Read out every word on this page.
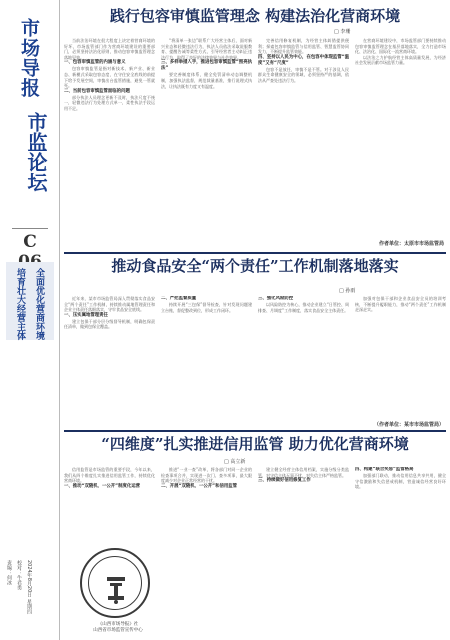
市场导报
市监论坛
C
全面优化营商环境
培育壮大经营主体
责编：何冰 校对：牛君勇 2024年8月20日 星期四
践行包容审慎监管理念 构建法治化营商环境
□ 李珊

当前法治环境在很大程度上决定着营商环境的好坏，市场监管部门作为营商环境建设的重要部门，必须坚持法治化原则，推动包容审慎监管理念落地见效。

一、包容审慎监管的内涵与意义

包容审慎监管是指对新技术、新产业、新业态、新模式采取包容态度，在守住安全底线的前提下给予发展空间，审慎出台监管措施，避免一管就死。

二、当前包容审慎监管面临的问题

部分执法人员理念更新不及时，执法尺度不统一，轻微违法行为处理方式单一，柔性执法手段运用不足。

“将清单一张边”联系广大经营主体后，面对新兴业态和轻微违法行为，执法人员依法采取说服教育、提醒告诫等柔性方式，引导经营者主动纠正违法行为，取得了良好的法律效果与社会效果。

三、多样举措入手，推进包容审慎监管“照亮执法”

要完善制度体系，健全免罚清单动态调整机制，加强执法监督，规范裁量基准，推行说理式执法，让执法既有力度又有温度。

完善信用修复机制，为经营主体纠错提供便利；探索包容审慎监管与信用监管、智慧监管协同发力，不断提升监管效能。

四、坚持以人民为中心，在包容中体现监管“温度”又有“尺度”

包容不是放任，审慎不是不管。对于涉及人民群众生命健康安全的领域，必须坚持严的基调，依法从严查处违法行为。

在营商环境建设中，市场监管部门要持续推动包容审慎监管理念在基层落地落实，全力打造市场化、法治化、国际化一流营商环境。

以法治之力护航经营主体高质量发展，为经济社会发展贡献市场监管力量。

作者单位：太原市市场监管局
推动食品安全“两个责任”工作机制落地落实
□ 孙雨

近年来，某市市场监管局深入贯彻落实食品安全“两个责任”工作机制，持续推动属地管理责任和企业主体责任落细落实，守牢食品安全底线。

一、压实属地管理责任

建立包保干部分层分级督导机制，明确包保责任清单，做到包保全覆盖。

二、严把监督质量

持续开展“三包保”督导检查，针对发现问题建立台账，督促整改到位，形成工作闭环。

三、强化风险防控

以风险防控为核心，推动企业建立“日管控、周排查、月调度”工作制度，落实食品安全主体责任。

加强对包保干部和企业食品安全员的培训考核，不断提升履职能力，推动“两个责任”工作机制走深走实。

（作者单位：某市市场监管局）
“四维度”扎实推进信用监管 助力优化营商环境
□ 高立新

信用监管是市场监管的重要手段，今年以来，我们从四个维度扎实推进信用监管工作，持续优化营商环境。

一、推动“双随机、一公开”制度化运营

推进“一业一查”改革，将各部门对同一企业的检查事项合并，实现进一次门、查多项事，最大限度减少对企业正常经营的干扰。

二、开展“双随机、一公开”和信用监管

建立健全经营主体信用档案，实施分级分类监管，对守信主体无事不扰，对失信主体严格监管。

三、持续做好信用修复工作
四、构建“联合奖惩”监管格局

加强部门联动，推动信用信息共享共用，健全守信激励和失信惩戒机制，营造诚信经营良好环境。

《山西市场导报》社
山西省市场监管宣传中心
